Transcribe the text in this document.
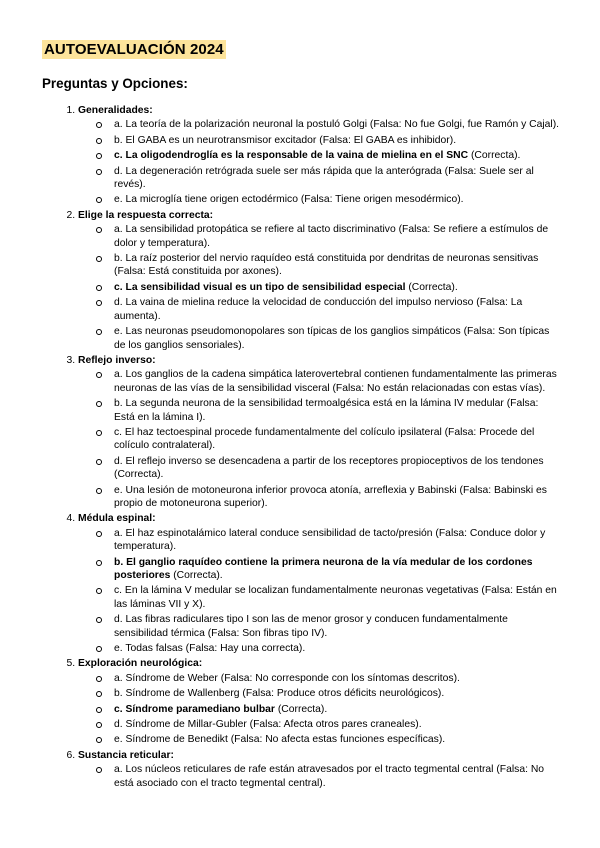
AUTOEVALUACIÓN 2024
Preguntas y Opciones:
1. Generalidades:
a. La teoría de la polarización neuronal la postuló Golgi (Falsa: No fue Golgi, fue Ramón y Cajal).
b. El GABA es un neurotransmisor excitador (Falsa: El GABA es inhibidor).
c. La oligodendroglía es la responsable de la vaina de mielina en el SNC (Correcta).
d. La degeneración retrógrada suele ser más rápida que la anterógrada (Falsa: Suele ser al revés).
e. La microglía tiene origen ectodérmico (Falsa: Tiene origen mesodérmico).
2. Elige la respuesta correcta:
a. La sensibilidad protopática se refiere al tacto discriminativo (Falsa: Se refiere a estímulos de dolor y temperatura).
b. La raíz posterior del nervio raquídeo está constituida por dendritas de neuronas sensitivas (Falsa: Está constituida por axones).
c. La sensibilidad visual es un tipo de sensibilidad especial (Correcta).
d. La vaina de mielina reduce la velocidad de conducción del impulso nervioso (Falsa: La aumenta).
e. Las neuronas pseudomonopolares son típicas de los ganglios simpáticos (Falsa: Son típicas de los ganglios sensoriales).
3. Reflejo inverso:
a. Los ganglios de la cadena simpática laterovertebral contienen fundamentalmente las primeras neuronas de las vías de la sensibilidad visceral (Falsa: No están relacionadas con estas vías).
b. La segunda neurona de la sensibilidad termoalgésica está en la lámina IV medular (Falsa: Está en la lámina I).
c. El haz tectoespinal procede fundamentalmente del colículo ipsilateral (Falsa: Procede del colículo contralateral).
d. El reflejo inverso se desencadena a partir de los receptores propioceptivos de los tendones (Correcta).
e. Una lesión de motoneurona inferior provoca atonía, arreflexia y Babinski (Falsa: Babinski es propio de motoneurona superior).
4. Médula espinal:
a. El haz espinotalámico lateral conduce sensibilidad de tacto/presión (Falsa: Conduce dolor y temperatura).
b. El ganglio raquídeo contiene la primera neurona de la vía medular de los cordones posteriores (Correcta).
c. En la lámina V medular se localizan fundamentalmente neuronas vegetativas (Falsa: Están en las láminas VII y X).
d. Las fibras radiculares tipo I son las de menor grosor y conducen fundamentalmente sensibilidad térmica (Falsa: Son fibras tipo IV).
e. Todas falsas (Falsa: Hay una correcta).
5. Exploración neurológica:
a. Síndrome de Weber (Falsa: No corresponde con los síntomas descritos).
b. Síndrome de Wallenberg (Falsa: Produce otros déficits neurológicos).
c. Síndrome paramediano bulbar (Correcta).
d. Síndrome de Millar-Gubler (Falsa: Afecta otros pares craneales).
e. Síndrome de Benedikt (Falsa: No afecta estas funciones específicas).
6. Sustancia reticular:
a. Los núcleos reticulares de rafe están atravesados por el tracto tegmental central (Falsa: No está asociado con el tracto tegmental central).
